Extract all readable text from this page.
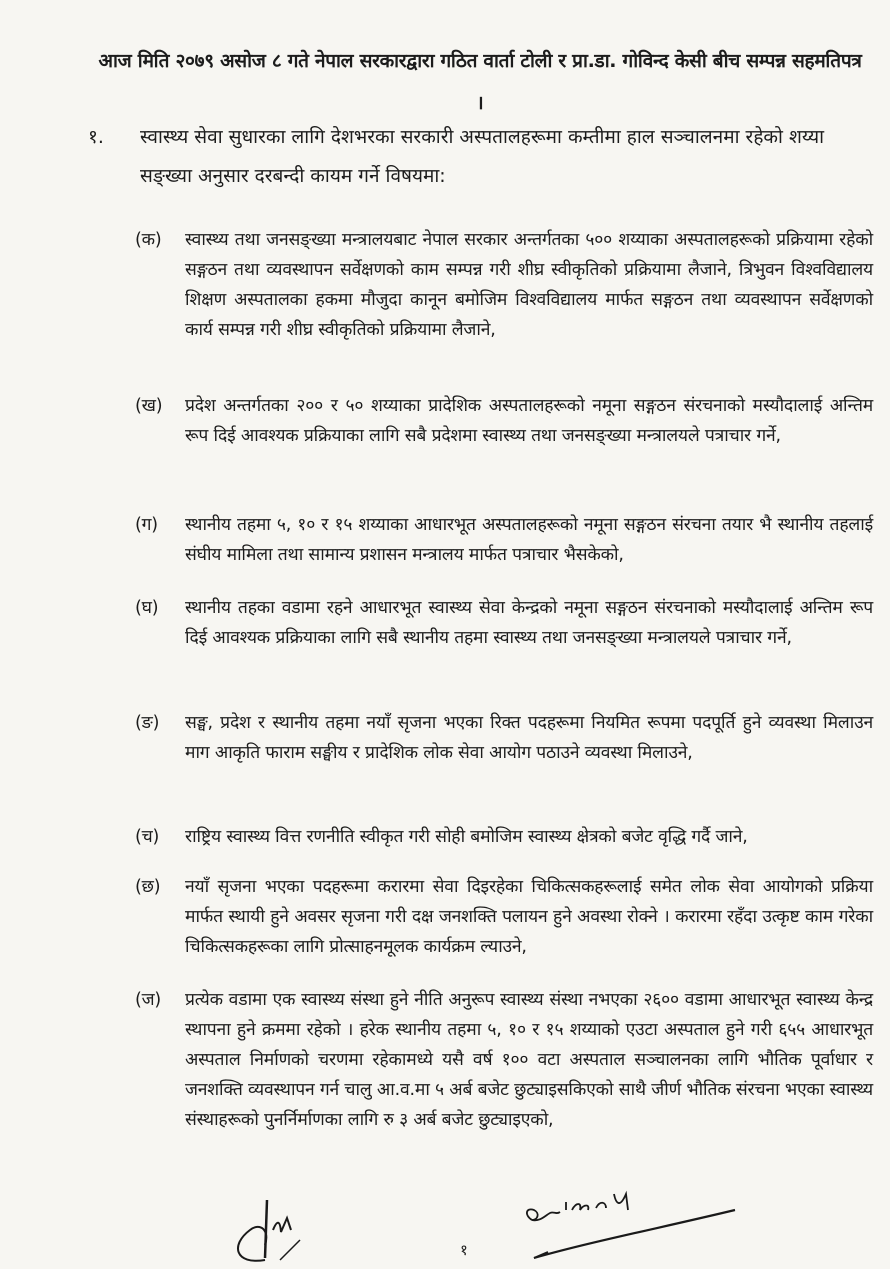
आज मिति २०७९ असोज ८ गते नेपाल सरकारद्वारा गठित वार्ता टोली र प्रा.डा. गोविन्द केसी बीच सम्पन्न सहमतिपत्र ।
१. स्वास्थ्य सेवा सुधारका लागि देशभरका सरकारी अस्पतालहरूमा कम्तीमा हाल सञ्चालनमा रहेको शय्या सङ्ख्या अनुसार दरबन्दी कायम गर्ने विषयमा:
(क)	स्वास्थ्य तथा जनसङ्ख्या मन्त्रालयबाट नेपाल सरकार अन्तर्गतका ५०० शय्याका अस्पतालहरूको प्रक्रियामा रहेको सङ्गठन तथा व्यवस्थापन सर्वेक्षणको काम सम्पन्न गरी शीघ्र स्वीकृतिको प्रक्रियामा लैजाने, त्रिभुवन विश्वविद्यालय शिक्षण अस्पतालका हकमा मौजुदा कानून बमोजिम विश्वविद्यालय मार्फत सङ्गठन तथा व्यवस्थापन सर्वेक्षणको कार्य सम्पन्न गरी शीघ्र स्वीकृतिको प्रक्रियामा लैजाने,
(ख)	प्रदेश अन्तर्गतका २०० र ५० शय्याका प्रादेशिक अस्पतालहरूको नमूना सङ्गठन संरचनाको मस्यौदालाई अन्तिम रूप दिई आवश्यक प्रक्रियाका लागि सबै प्रदेशमा स्वास्थ्य तथा जनसङ्ख्या मन्त्रालयले पत्राचार गर्ने,
(ग)	स्थानीय तहमा ५, १० र १५ शय्याका आधारभूत अस्पतालहरूको नमूना सङ्गठन संरचना तयार भै स्थानीय तहलाई संघीय मामिला तथा सामान्य प्रशासन मन्त्रालय मार्फत पत्राचार भैसकेको,
(घ)	स्थानीय तहका वडामा रहने आधारभूत स्वास्थ्य सेवा केन्द्रको नमूना सङ्गठन संरचनाको मस्यौदालाई अन्तिम रूप दिई आवश्यक प्रक्रियाका लागि सबै स्थानीय तहमा स्वास्थ्य तथा जनसङ्ख्या मन्त्रालयले पत्राचार गर्ने,
(ङ)	सङ्घ, प्रदेश र स्थानीय तहमा नयाँ सृजना भएका रिक्त पदहरूमा नियमित रूपमा पदपूर्ति हुने व्यवस्था मिलाउन माग आकृति फाराम सङ्घीय र प्रादेशिक लोक सेवा आयोग पठाउने व्यवस्था मिलाउने,
(च)	राष्ट्रिय स्वास्थ्य वित्त रणनीति स्वीकृत गरी सोही बमोजिम स्वास्थ्य क्षेत्रको बजेट वृद्धि गर्दै जाने,
(छ)	नयाँ सृजना भएका पदहरूमा करारमा सेवा दिइरहेका चिकित्सकहरूलाई समेत लोक सेवा आयोगको प्रक्रिया मार्फत स्थायी हुने अवसर सृजना गरी दक्ष जनशक्ति पलायन हुने अवस्था रोक्ने । करारमा रहँदा उत्कृष्ट काम गरेका चिकित्सकहरूका लागि प्रोत्साहनमूलक कार्यक्रम ल्याउने,
(ज)	प्रत्येक वडामा एक स्वास्थ्य संस्था हुने नीति अनुरूप स्वास्थ्य संस्था नभएका २६०० वडामा आधारभूत स्वास्थ्य केन्द्र स्थापना हुने क्रममा रहेको । हरेक स्थानीय तहमा ५, १० र १५ शय्याको एउटा अस्पताल हुने गरी ६५५ आधारभूत अस्पताल निर्माणको चरणमा रहेकामध्ये यसै वर्ष १०० वटा अस्पताल सञ्चालनका लागि भौतिक पूर्वाधार र जनशक्ति व्यवस्थापन गर्न चालु आ.व.मा ५ अर्ब बजेट छुट्याइसकिएको साथै जीर्ण भौतिक संरचना भएका स्वास्थ्य संस्थाहरूको पुनर्निर्माणका लागि रु ३ अर्ब बजेट छुट्याइएको,
१
